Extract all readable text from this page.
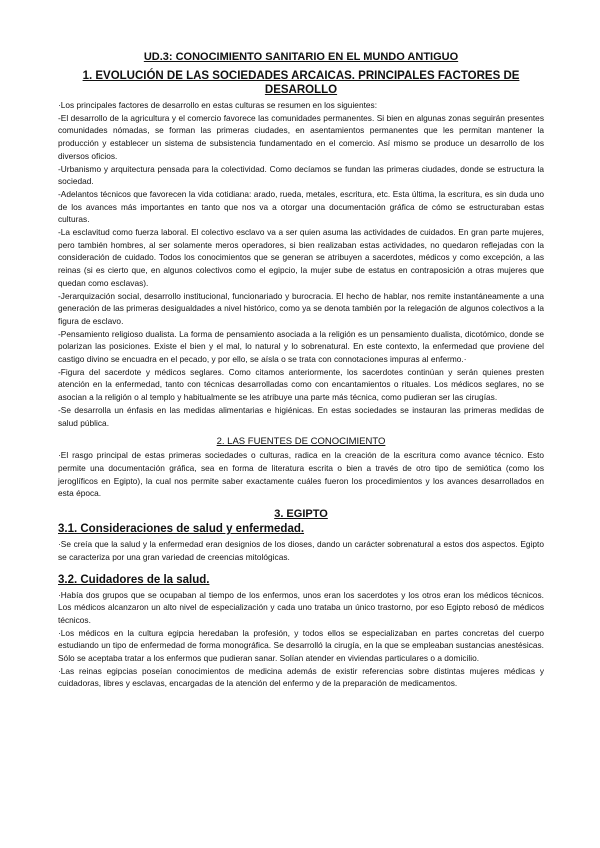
UD.3: CONOCIMIENTO SANITARIO EN EL MUNDO ANTIGUO
1. EVOLUCIÓN DE LAS SOCIEDADES ARCAICAS. PRINCIPALES FACTORES DE DESAROLLO

·Los principales factores de desarrollo en estas culturas se resumen en los siguientes:

-El desarrollo de la agricultura y el comercio favorece las comunidades permanentes. Si bien en algunas zonas seguirán presentes comunidades nómadas, se forman las primeras ciudades, en asentamientos permanentes que les permitan mantener la producción y establecer un sistema de subsistencia fundamentado en el comercio. Así mismo se produce un desarrollo de los diversos oficios.

-Urbanismo y arquitectura pensada para la colectividad. Como decíamos se fundan las primeras ciudades, donde se estructura la sociedad.

-Adelantos técnicos que favorecen la vida cotidiana: arado, rueda, metales, escritura, etc. Esta última, la escritura, es sin duda uno de los avances más importantes en tanto que nos va a otorgar una documentación gráfica de cómo se estructuraban estas culturas.

-La esclavitud como fuerza laboral. El colectivo esclavo va a ser quien asuma las actividades de cuidados. En gran parte mujeres, pero también hombres, al ser solamente meros operadores, si bien realizaban estas actividades, no quedaron reflejadas con la consideración de cuidado. Todos los conocimientos que se generan se atribuyen a sacerdotes, médicos y como excepción, a las reinas (si es cierto que, en algunos colectivos como el egipcio, la mujer sube de estatus en contraposición a otras mujeres que quedan como esclavas).

-Jerarquización social, desarrollo institucional, funcionariado y burocracia. El hecho de hablar, nos remite instantáneamente a una generación de las primeras desigualdades a nivel histórico, como ya se denota también por la relegación de algunos colectivos a la figura de esclavo.

-Pensamiento religioso dualista. La forma de pensamiento asociada a la religión es un pensamiento dualista, dicotómico, donde se polarizan las posiciones. Existe el bien y el mal, lo natural y lo sobrenatural. En este contexto, la enfermedad que proviene del castigo divino se encuadra en el pecado, y por ello, se aísla o se trata con connotaciones impuras al enfermo.·

-Figura del sacerdote y médicos seglares. Como citamos anteriormente, los sacerdotes continúan y serán quienes presten atención en la enfermedad, tanto con técnicas desarrolladas como con encantamientos o rituales. Los médicos seglares, no se asocian a la religión o al templo y habitualmente se les atribuye una parte más técnica, como pudieran ser las cirugías.

-Se desarrolla un énfasis en las medidas alimentarias e higiénicas. En estas sociedades se instauran las primeras medidas de salud pública.

2. LAS FUENTES DE CONOCIMIENTO

·El rasgo principal de estas primeras sociedades o culturas, radica en la creación de la escritura como avance técnico. Esto permite una documentación gráfica, sea en forma de literatura escrita o bien a través de otro tipo de semiótica (como los jeroglíficos en Egipto), la cual nos permite saber exactamente cuáles fueron los procedimientos y los avances desarrollados en esta época.

3. EGIPTO
3.1. Consideraciones de salud y enfermedad.

·Se creía que la salud y la enfermedad eran designios de los dioses, dando un carácter sobrenatural a estos dos aspectos. Egipto se caracteriza por una gran variedad de creencias mitológicas.

3.2. Cuidadores de la salud.

·Había dos grupos que se ocupaban al tiempo de los enfermos, unos eran los sacerdotes y los otros eran los médicos técnicos. Los médicos alcanzaron un alto nivel de especialización y cada uno trataba un único trastorno, por eso Egipto rebosó de médicos técnicos.

·Los médicos en la cultura egipcia heredaban la profesión, y todos ellos se especializaban en partes concretas del cuerpo estudiando un tipo de enfermedad de forma monográfica. Se desarrolló la cirugía, en la que se empleaban sustancias anestésicas. Sólo se aceptaba tratar a los enfermos que pudieran sanar. Solían atender en viviendas particulares o a domicilio.

·Las reinas egipcias poseían conocimientos de medicina además de existir referencias sobre distintas mujeres médicas y cuidadoras, libres y esclavas, encargadas de la atención del enfermo y de la preparación de medicamentos.
